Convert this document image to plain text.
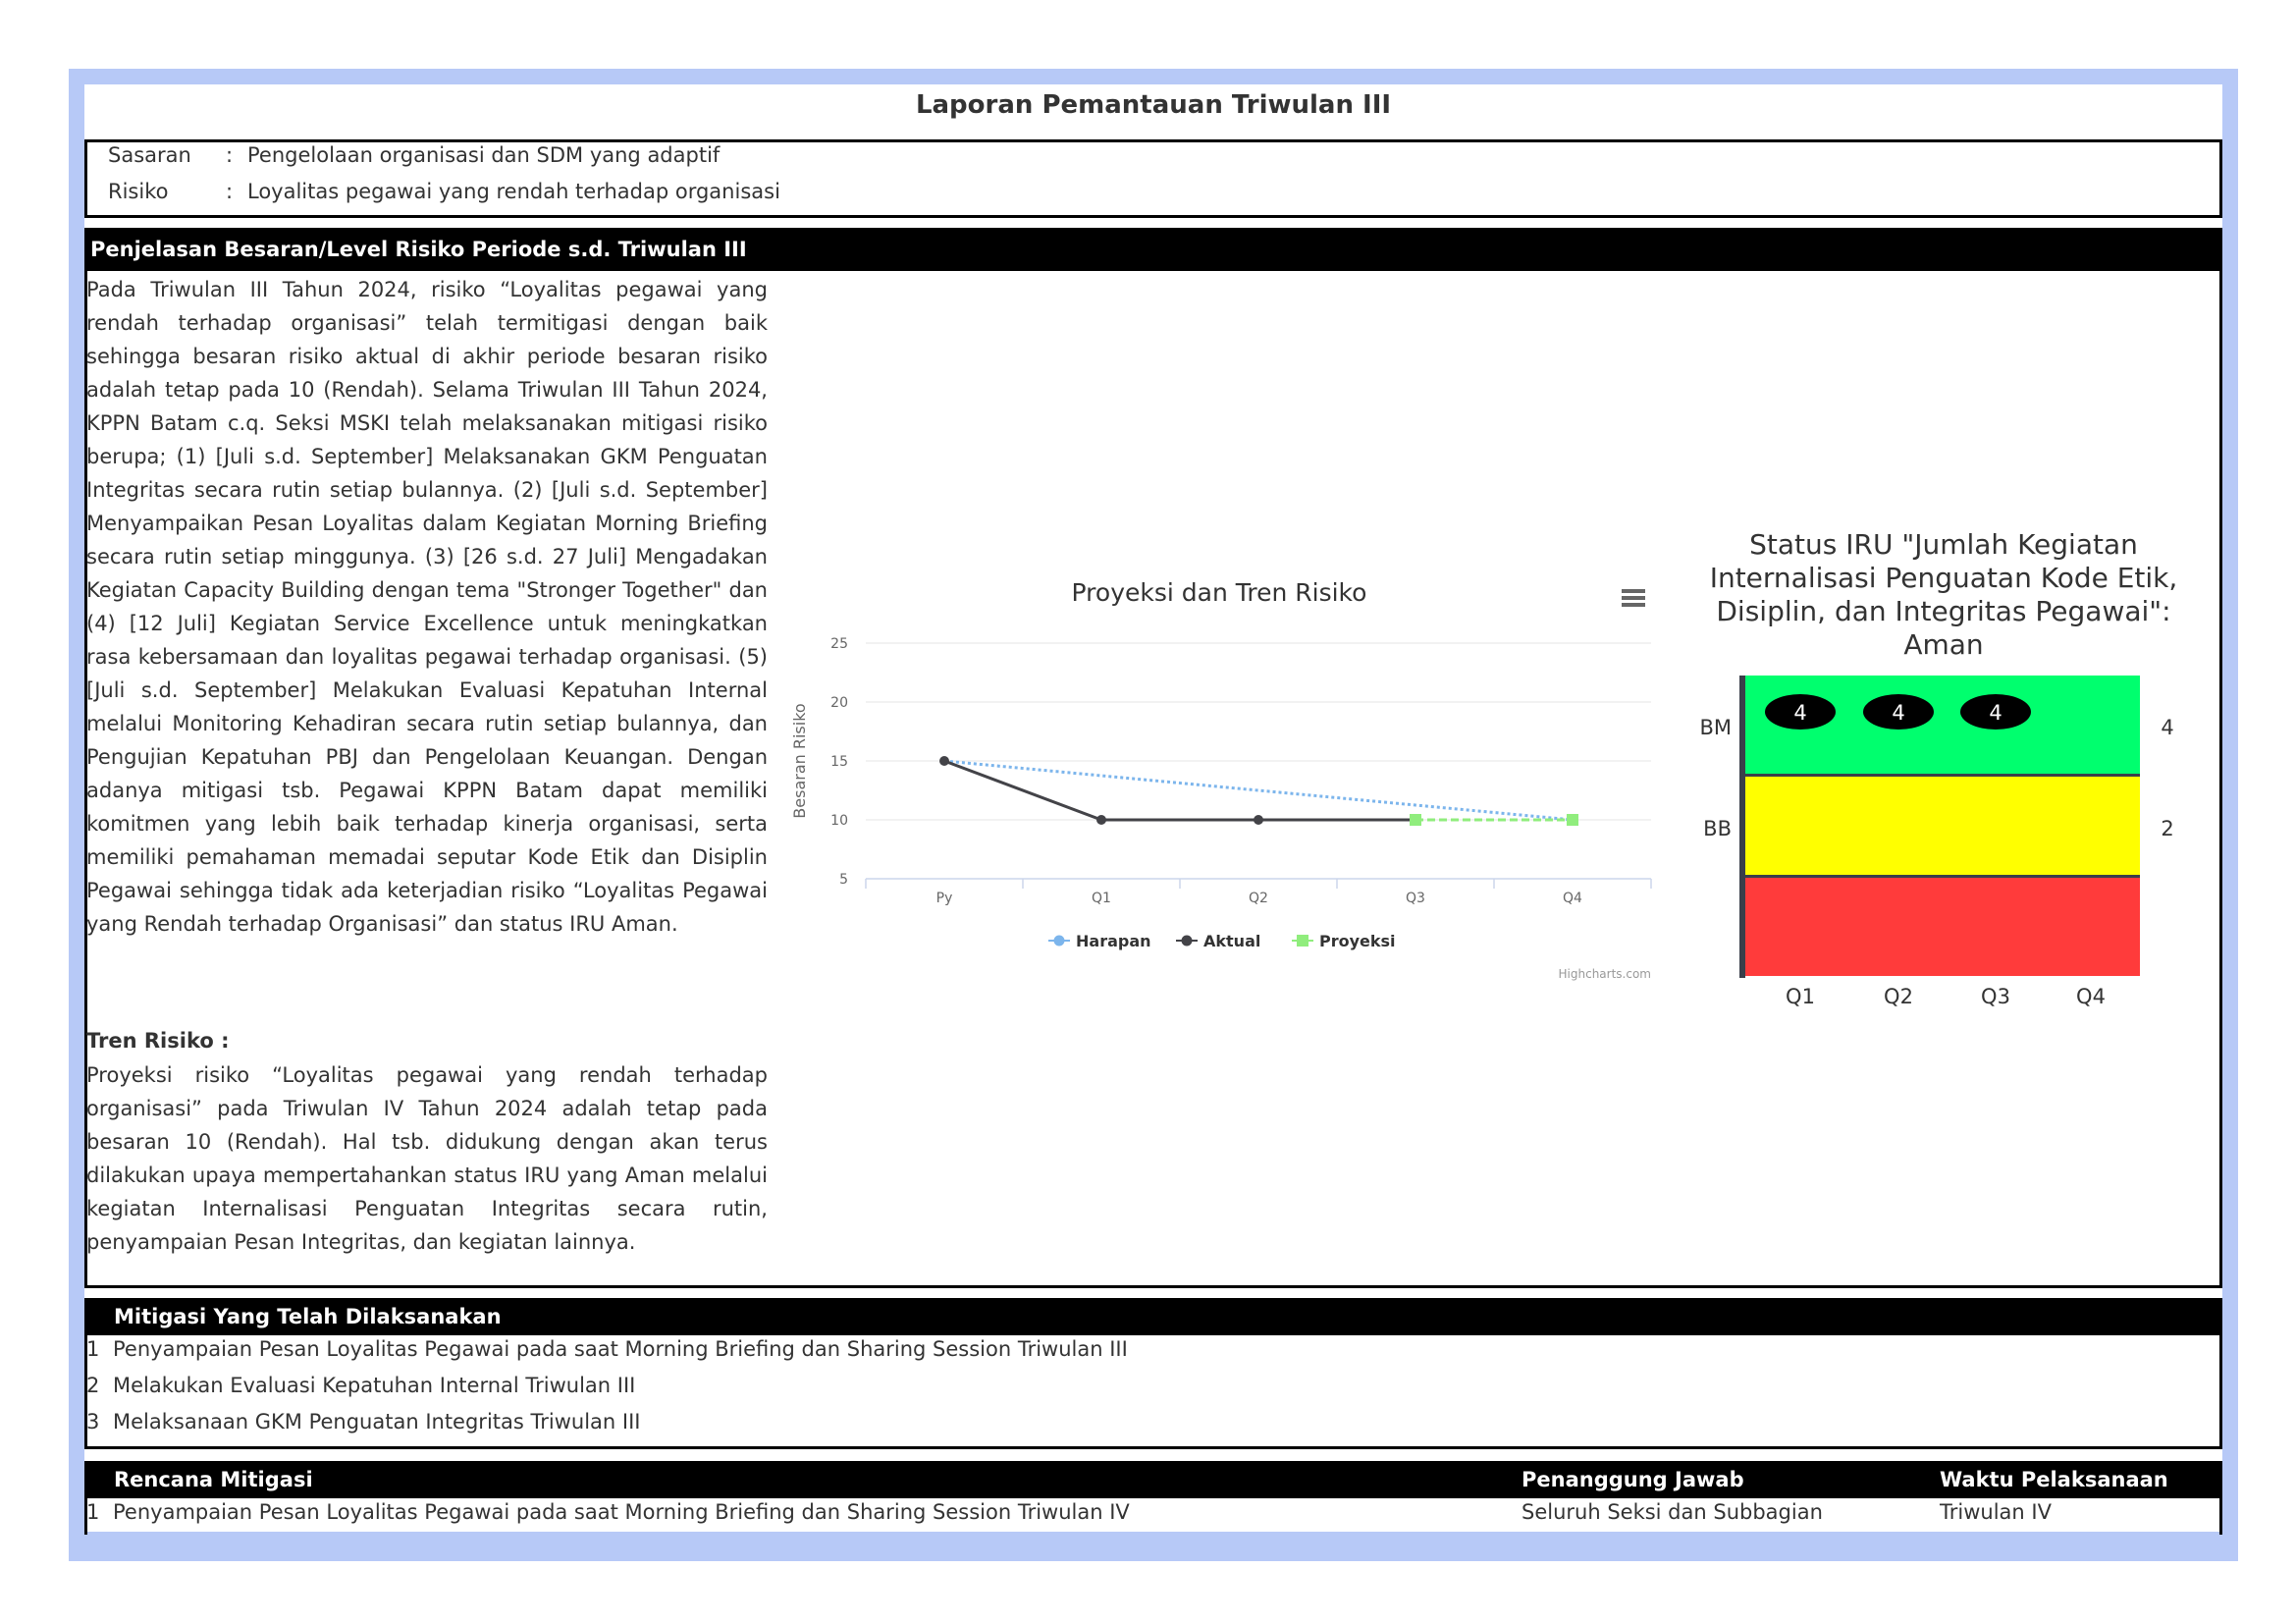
Laporan Pemantauan Triwulan III
Sasaran : Pengelolaan organisasi dan SDM yang adaptif
Risiko	: Loyalitas pegawai yang rendah terhadap organisasi
Penjelasan Besaran/Level Risiko Periode s.d. Triwulan III
Pada Triwulan III Tahun 2024, risiko “Loyalitas pegawai yang rendah terhadap organisasi” telah termitigasi dengan baik sehingga besaran risiko aktual di akhir periode besaran risiko adalah tetap pada 10 (Rendah). Selama Triwulan III Tahun 2024, KPPN Batam c.q. Seksi MSKI telah melaksanakan mitigasi risiko berupa; (1) [Juli s.d. September] Melaksanakan GKM Penguatan Integritas secara rutin setiap bulannya. (2) [Juli s.d. September] Menyampaikan Pesan Loyalitas dalam Kegiatan Morning Briefing secara rutin setiap minggunya. (3) [26 s.d. 27 Juli] Mengadakan Kegiatan Capacity Building dengan tema "Stronger Together" dan (4) [12 Juli] Kegiatan Service Excellence untuk meningkatkan rasa kebersamaan dan loyalitas pegawai terhadap organisasi. (5) [Juli s.d. September] Melakukan Evaluasi Kepatuhan Internal melalui Monitoring Kehadiran secara rutin setiap bulannya, dan Pengujian Kepatuhan PBJ dan Pengelolaan Keuangan. Dengan adanya mitigasi tsb. Pegawai KPPN Batam dapat memiliki komitmen yang lebih baik terhadap kinerja organisasi, serta memiliki pemahaman memadai seputar Kode Etik dan Disiplin Pegawai sehingga tidak ada keterjadian risiko “Loyalitas Pegawai yang Rendah terhadap Organisasi” dan status IRU Aman.
Tren Risiko :
Proyeksi risiko “Loyalitas pegawai yang rendah terhadap organisasi” pada Triwulan IV Tahun 2024 adalah tetap pada besaran 10 (Rendah). Hal tsb. didukung dengan akan terus dilakukan upaya mempertahankan status IRU yang Aman melalui kegiatan Internalisasi Penguatan Integritas secara rutin, penyampaian Pesan Integritas, dan kegiatan lainnya.
Proyeksi dan Tren Risiko
5
10
15
20
25
Py	Q1	Q2	Q3	Q4
Besaran Risiko
Harapan	Aktual	Proyeksi
Highcharts.com
Status IRU "Jumlah Kegiatan Internalisasi Penguatan Kode Etik, Disiplin, dan Integritas Pegawai":
Aman
BM	4
BB	2
4	4	4
Q1	Q2	Q3	Q4
Mitigasi Yang Telah Dilaksanakan
1 Penyampaian Pesan Loyalitas Pegawai pada saat Morning Briefing dan Sharing Session Triwulan III
2 Melakukan Evaluasi Kepatuhan Internal Triwulan III
3 Melaksanaan GKM Penguatan Integritas Triwulan III
Rencana Mitigasi	Penanggung Jawab	Waktu Pelaksanaan
1 Penyampaian Pesan Loyalitas Pegawai pada saat Morning Briefing dan Sharing Session Triwulan IV	Seluruh Seksi dan Subbagian	Triwulan IV
